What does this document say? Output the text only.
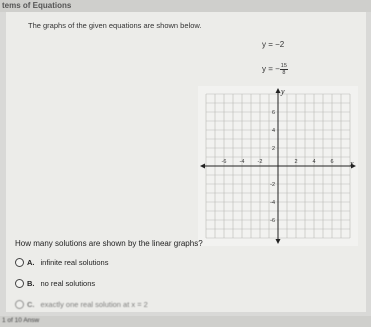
tems of Equations
The graphs of the given equations are shown below.
y = −2
y = − $\frac{15}{8}$
-6 -4 -2	2	4	6
6
4
2
-2
-4
-6
x
y
How many solutions are shown by the linear graphs?
A. infinite real solutions
B. no real solutions
C. exactly one real solution at x = 2
1 of 10 Answ
